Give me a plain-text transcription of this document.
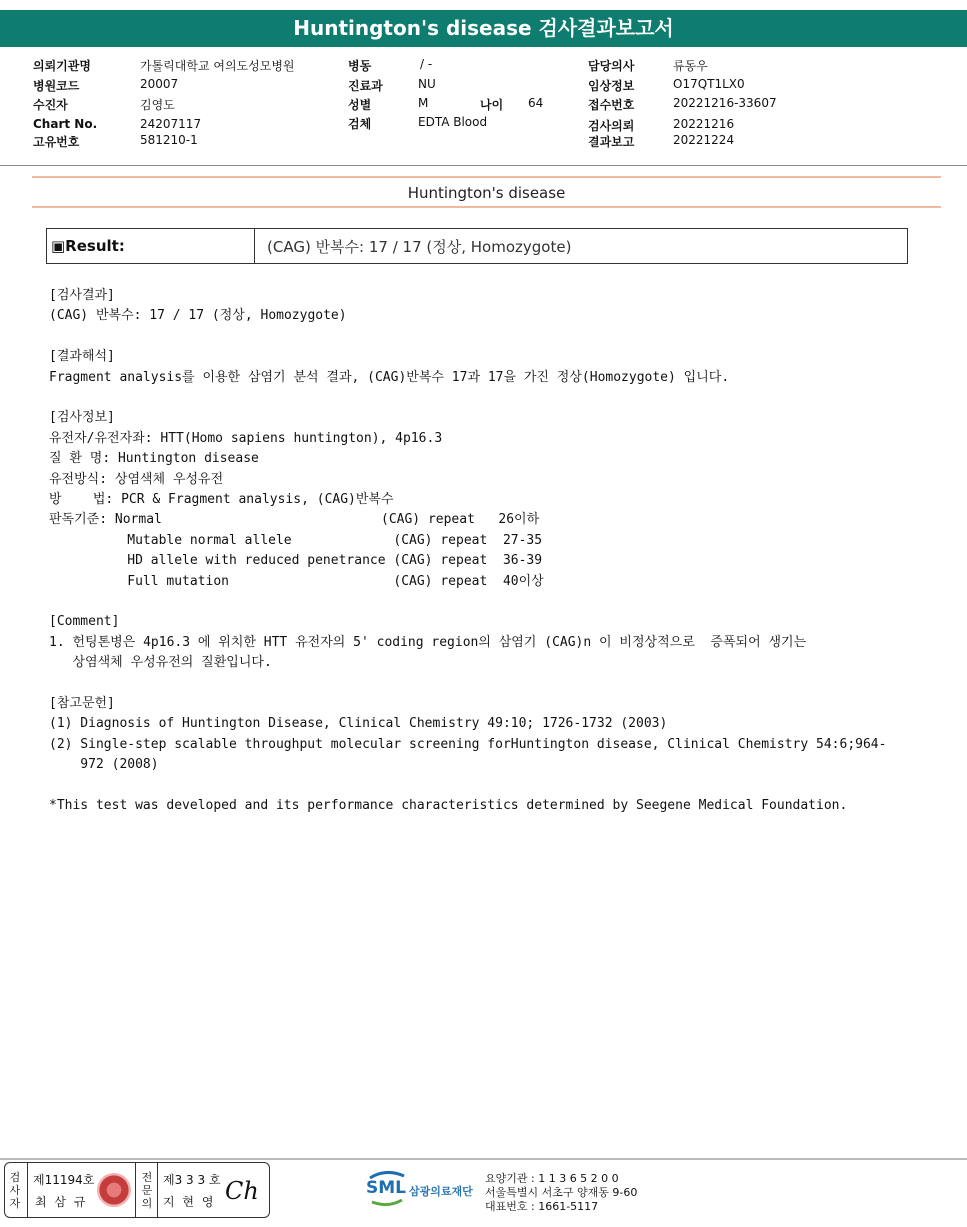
Huntington's disease 검사결과보고서
의뢰기관명	가톨릭대학교 여의도성모병원
병원코드	20007
수진자	김영도
Chart No.	24207117
고유번호	581210-1
병동	/ -
진료과	NU
성별	M	나이 64
검체	EDTA Blood
담당의사	류동우
임상정보	O17QT1LX0
접수번호	20221216-33607
검사의뢰	20221216
결과보고	20221224
Huntington's disease
▣Result:	(CAG) 반복수: 17 / 17 (정상, Homozygote)
[검사결과]
(CAG) 반복수: 17 / 17 (정상, Homozygote)
[결과해석]
Fragment analysis를 이용한 삼염기 분석 결과, (CAG)반복수 17과 17을 가진 정상(Homozygote) 입니다.
[검사정보]
유전자/유전자좌: HTT(Homo sapiens huntington), 4p16.3
질 환 명: Huntington disease
유전방식: 상염색체 우성유전
방    법: PCR & Fragment analysis, (CAG)반복수
판독기준: Normal                            (CAG) repeat   26이하
Mutable normal allele             (CAG) repeat  27-35
HD allele with reduced penetrance (CAG) repeat  36-39
Full mutation                     (CAG) repeat  40이상
[Comment]
1. 헌팅톤병은 4p16.3 에 위치한 HTT 유전자의 5' coding region의 삼염기 (CAG)n 이 비정상적으로  증폭되어 생기는
상염색체 우성유전의 질환입니다.
[참고문헌]
(1) Diagnosis of Huntington Disease, Clinical Chemistry 49:10; 1726-1732 (2003)
(2) Single-step scalable throughput molecular screening forHuntington disease, Clinical Chemistry 54:6;964-
972 (2008)
*This test was developed and its performance characteristics determined by Seegene Medical Foundation.
검사자
제11194호
최 삼 규
전문의
제3 3 3 호
지 현 영 Ch	SML 삼광의료재단
요양기관 : 1 1 3 6 5 2 0 0
서울특별시 서초구 양재동 9-60
대표번호 : 1661-5117
